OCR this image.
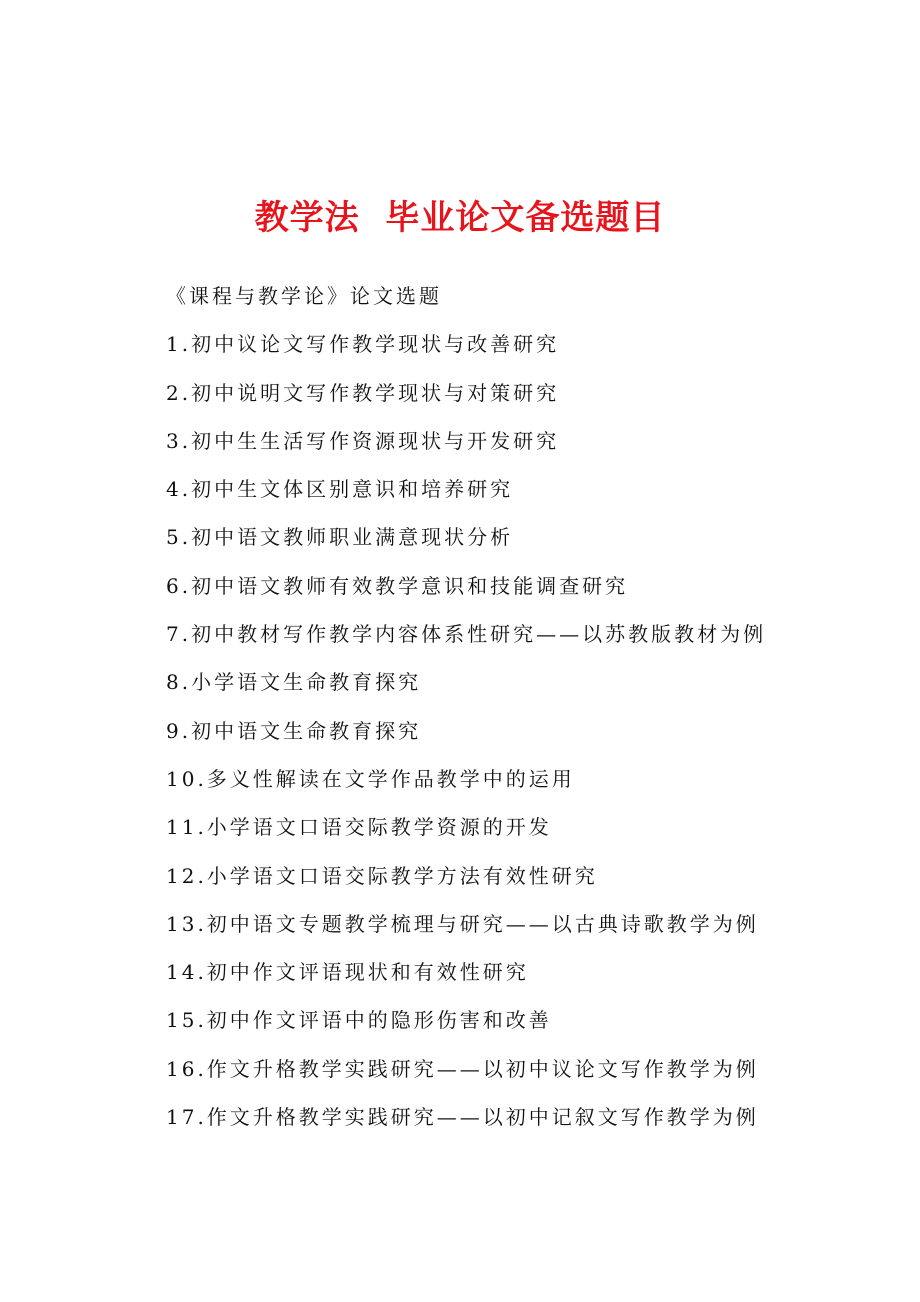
教学法  毕业论文备选题目
《课程与教学论》论文选题
1.初中议论文写作教学现状与改善研究
2.初中说明文写作教学现状与对策研究
3.初中生生活写作资源现状与开发研究
4.初中生文体区别意识和培养研究
5.初中语文教师职业满意现状分析
6.初中语文教师有效教学意识和技能调查研究
7.初中教材写作教学内容体系性研究——以苏教版教材为例
8.小学语文生命教育探究
9.初中语文生命教育探究
10.多义性解读在文学作品教学中的运用
11.小学语文口语交际教学资源的开发
12.小学语文口语交际教学方法有效性研究
13.初中语文专题教学梳理与研究——以古典诗歌教学为例
14.初中作文评语现状和有效性研究
15.初中作文评语中的隐形伤害和改善
16.作文升格教学实践研究——以初中议论文写作教学为例
17.作文升格教学实践研究——以初中记叙文写作教学为例
